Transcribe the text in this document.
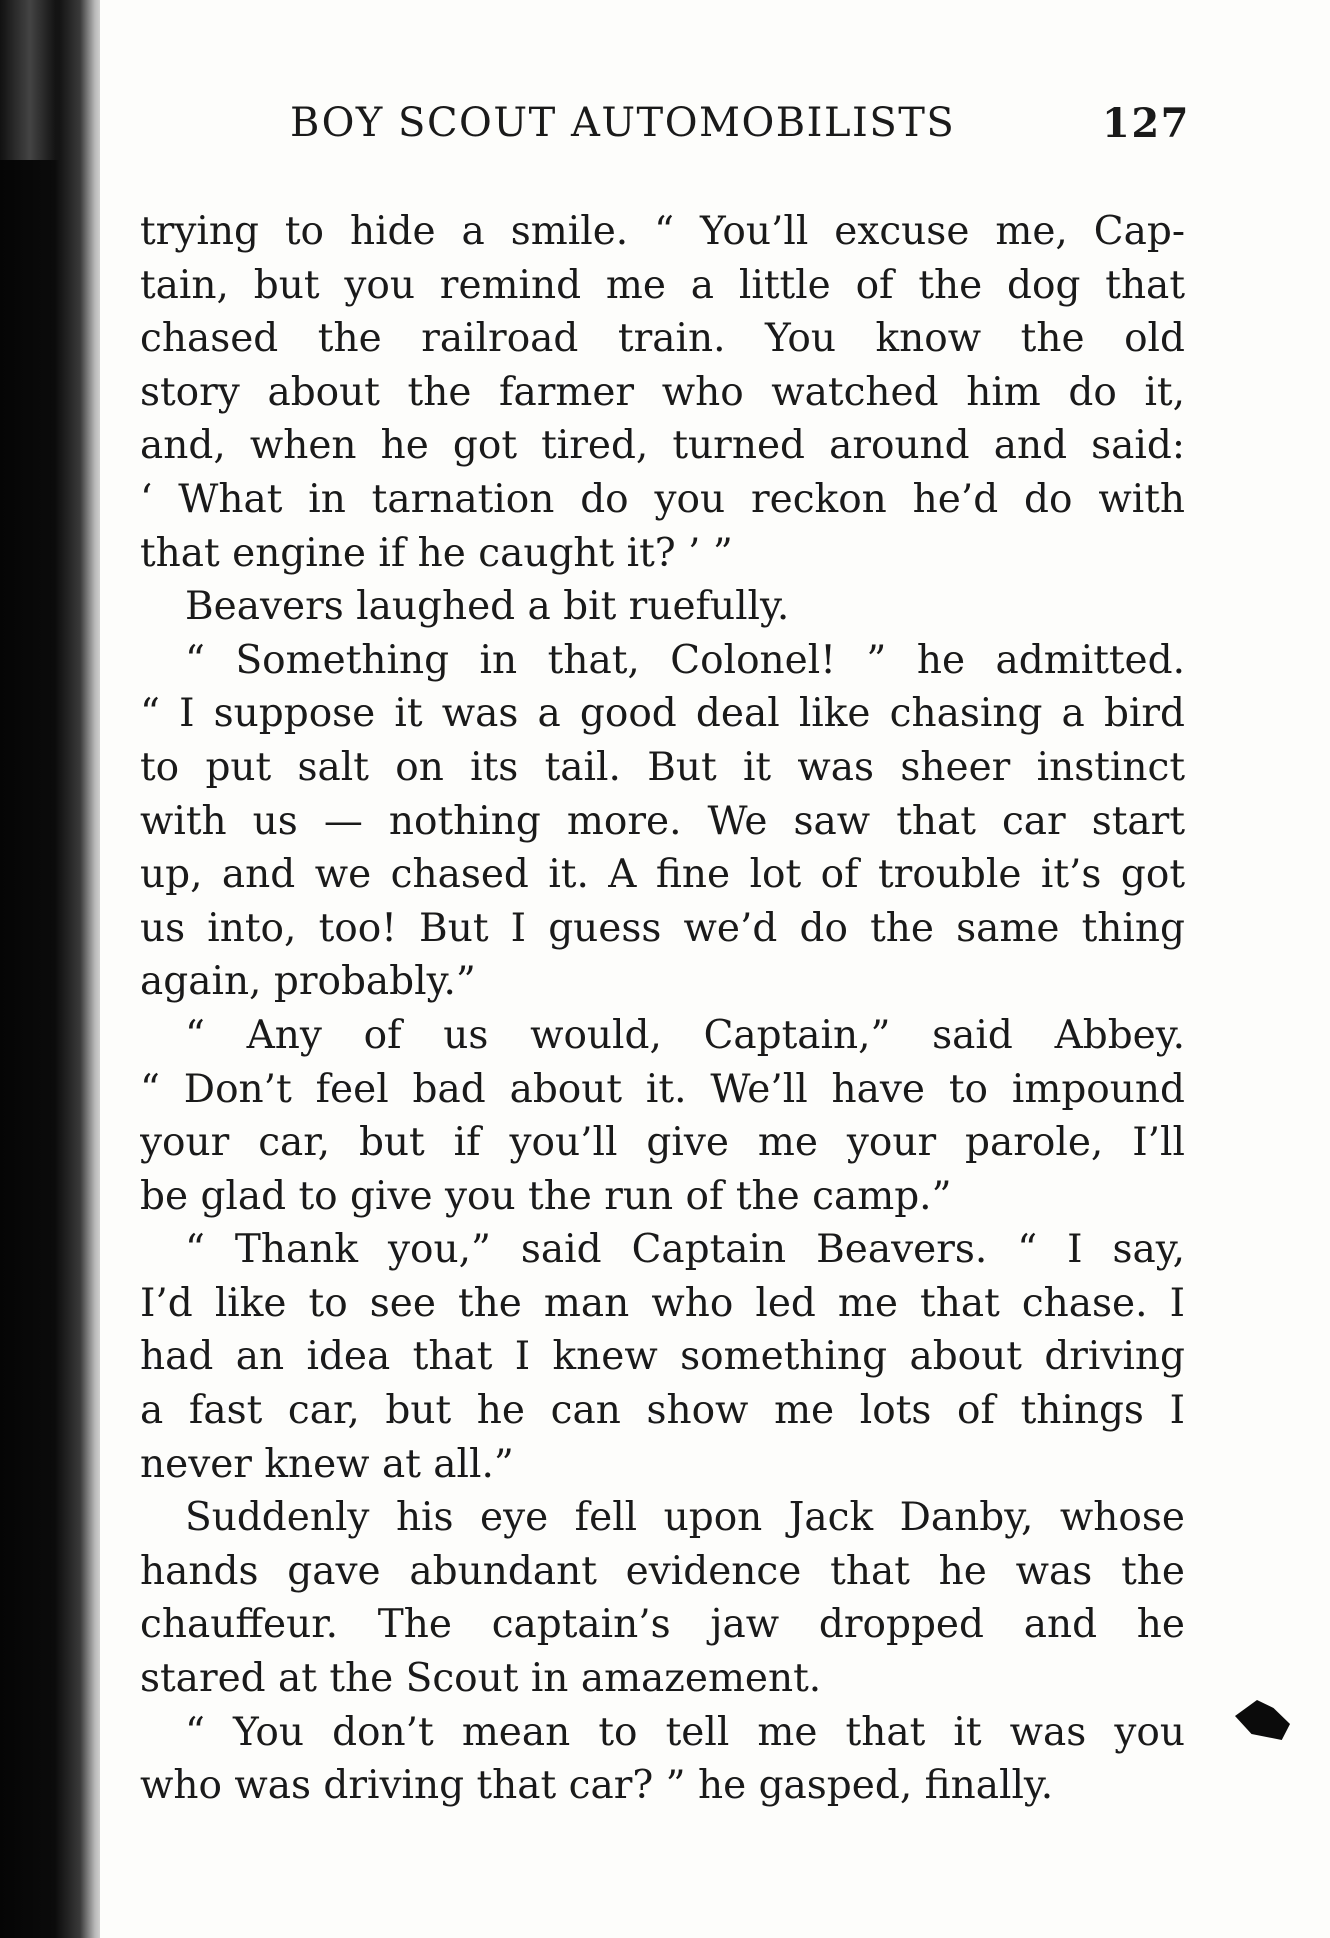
BOY SCOUT AUTOMOBILISTS	127
trying to hide a smile. “ You’ll excuse me, Cap-
tain, but you remind me a little of the dog that
chased the railroad train. You know the old
story about the farmer who watched him do it,
and, when he got tired, turned around and said:
‘ What in tarnation do you reckon he’d do with
that engine if he caught it? ’ ”
Beavers laughed a bit ruefully.
“ Something in that, Colonel! ” he admitted.
“ I suppose it was a good deal like chasing a bird
to put salt on its tail. But it was sheer instinct
with us — nothing more. We saw that car start
up, and we chased it. A fine lot of trouble it’s got
us into, too! But I guess we’d do the same thing
again, probably.”
“ Any of us would, Captain,” said Abbey.
“ Don’t feel bad about it. We’ll have to impound
your car, but if you’ll give me your parole, I’ll
be glad to give you the run of the camp.”
“ Thank you,” said Captain Beavers. “ I say,
I’d like to see the man who led me that chase. I
had an idea that I knew something about driving
a fast car, but he can show me lots of things I
never knew at all.”
Suddenly his eye fell upon Jack Danby, whose
hands gave abundant evidence that he was the
chauffeur. The captain’s jaw dropped and he
stared at the Scout in amazement.
“ You don’t mean to tell me that it was you
who was driving that car? ” he gasped, finally.
